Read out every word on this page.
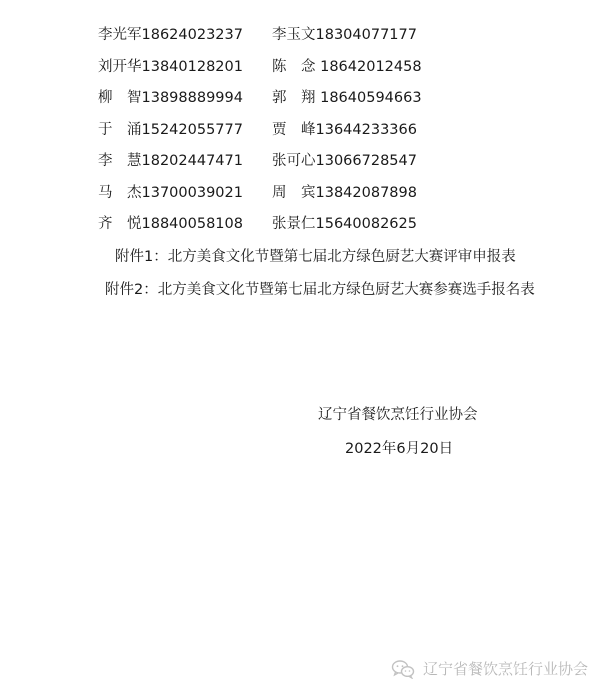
李光军18624023237 李玉文18304077177
刘开华13840128201 陈　念 18642012458
柳　智13898889994 郭　翔 18640594663
于　涌15242055777 贾　峰13644233366
李　慧18202447471 张可心13066728547
马　杰13700039021 周　宾13842087898
齐　悦18840058108 张景仁15640082625
附件1：北方美食文化节暨第七届北方绿色厨艺大赛评审申报表
附件2：北方美食文化节暨第七届北方绿色厨艺大赛参赛选手报名表
辽宁省餐饮烹饪行业协会
2022年6月20日
辽宁省餐饮烹饪行业协会
